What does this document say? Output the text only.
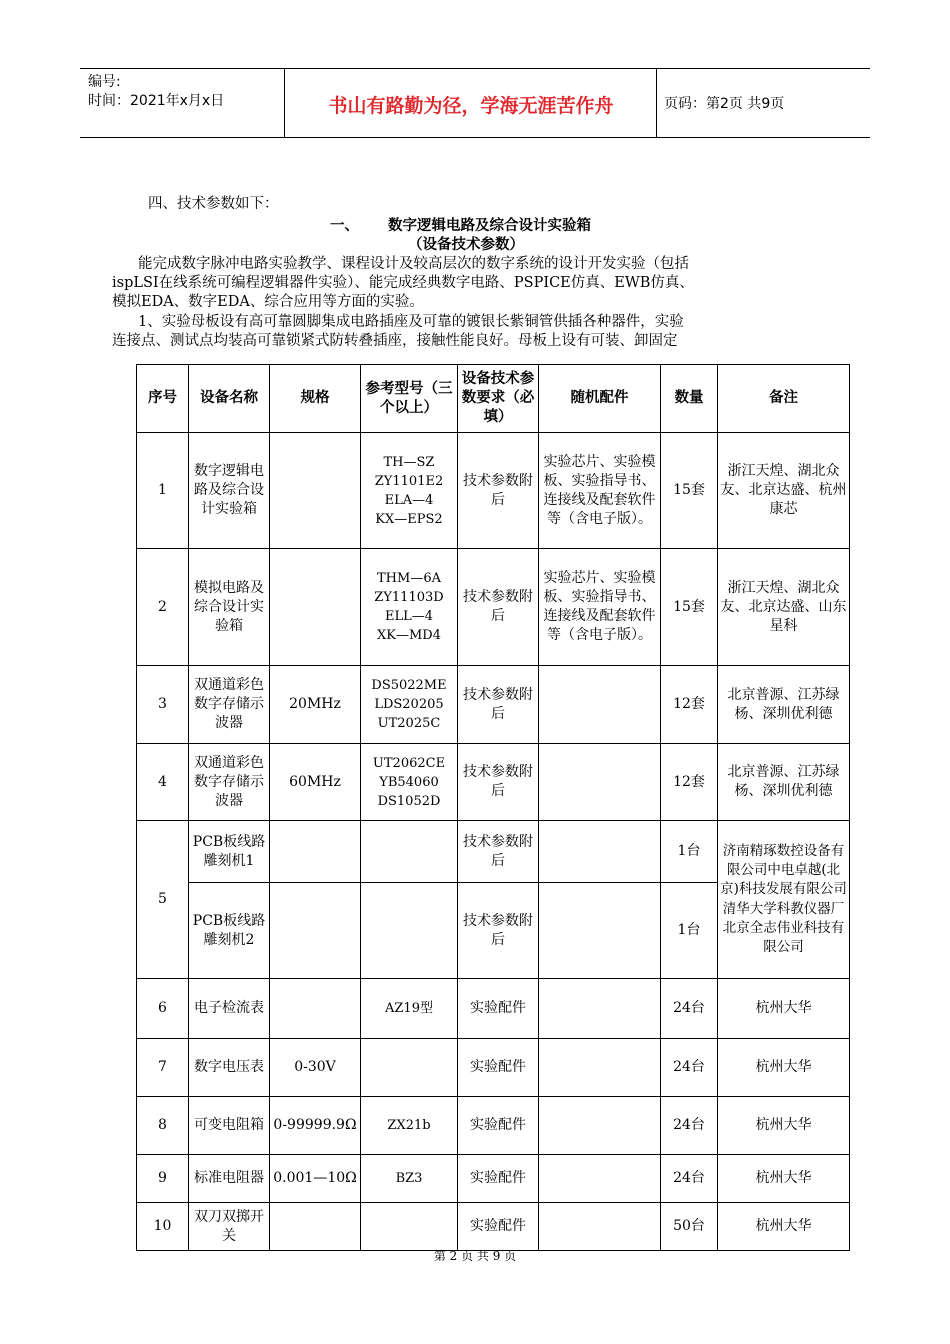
编号:
时间：2021年x月x日	书山有路勤为径，学海无涯苦作舟	页码：第2页 共9页
四、技术参数如下：
一、 数字逻辑电路及综合设计实验箱
（设备技术参数）
能完成数字脉冲电路实验教学、课程设计及较高层次的数字系统的设计开发实验（包括
ispLSI在线系统可编程逻辑器件实验）、能完成经典数字电路、PSPICE仿真、EWB仿真、
模拟EDA、数字EDA、综合应用等方面的实验。
1、实验母板设有高可靠圆脚集成电路插座及可靠的镀银长紫铜管供插各种器件，实验
连接点、测试点均装高可靠锁紧式防转叠插座，接触性能良好。母板上设有可装、卸固定
序号	设备名称	规格	参考型号（三个以上）	设备技术参数要求（必填）	随机配件	数量	备注
1	数字逻辑电路及综合设计实验箱		TH—SZ
ZY1101E2
ELA—4
KX—EPS2	技术参数附后	实验芯片、实验模板、实验指导书、连接线及配套软件等（含电子版）。	15套	浙江天煌、湖北众友、北京达盛、杭州康芯
2	模拟电路及综合设计实验箱		THM—6A
ZY11103D
ELL—4
XK—MD4	技术参数附后	实验芯片、实验模板、实验指导书、连接线及配套软件等（含电子版）。	15套	浙江天煌、湖北众友、北京达盛、山东星科
3	双通道彩色数字存储示波器	20MHz	DS5022ME
LDS20205
UT2025C	技术参数附后		12套	北京普源、江苏绿杨、深圳优利德
4	双通道彩色数字存储示波器	60MHz	UT2062CE
YB54060
DS1052D	技术参数附后		12套	北京普源、江苏绿杨、深圳优利德
5	PCB板线路雕刻机1			技术参数附后		1台	济南精琢数控设备有限公司中电卓越(北京)科技发展有限公司清华大学科教仪器厂北京全志伟业科技有限公司
	PCB板线路雕刻机2			技术参数附后		1台	
6	电子检流表		AZ19型	实验配件		24台	杭州大华
7	数字电压表	0-30V		实验配件		24台	杭州大华
8	可变电阻箱	0-99999.9Ω	ZX21b	实验配件		24台	杭州大华
9	标准电阻器	0.001—10Ω	BZ3	实验配件		24台	杭州大华
10	双刀双掷开关			实验配件		50台	杭州大华
第 2 页 共 9 页
